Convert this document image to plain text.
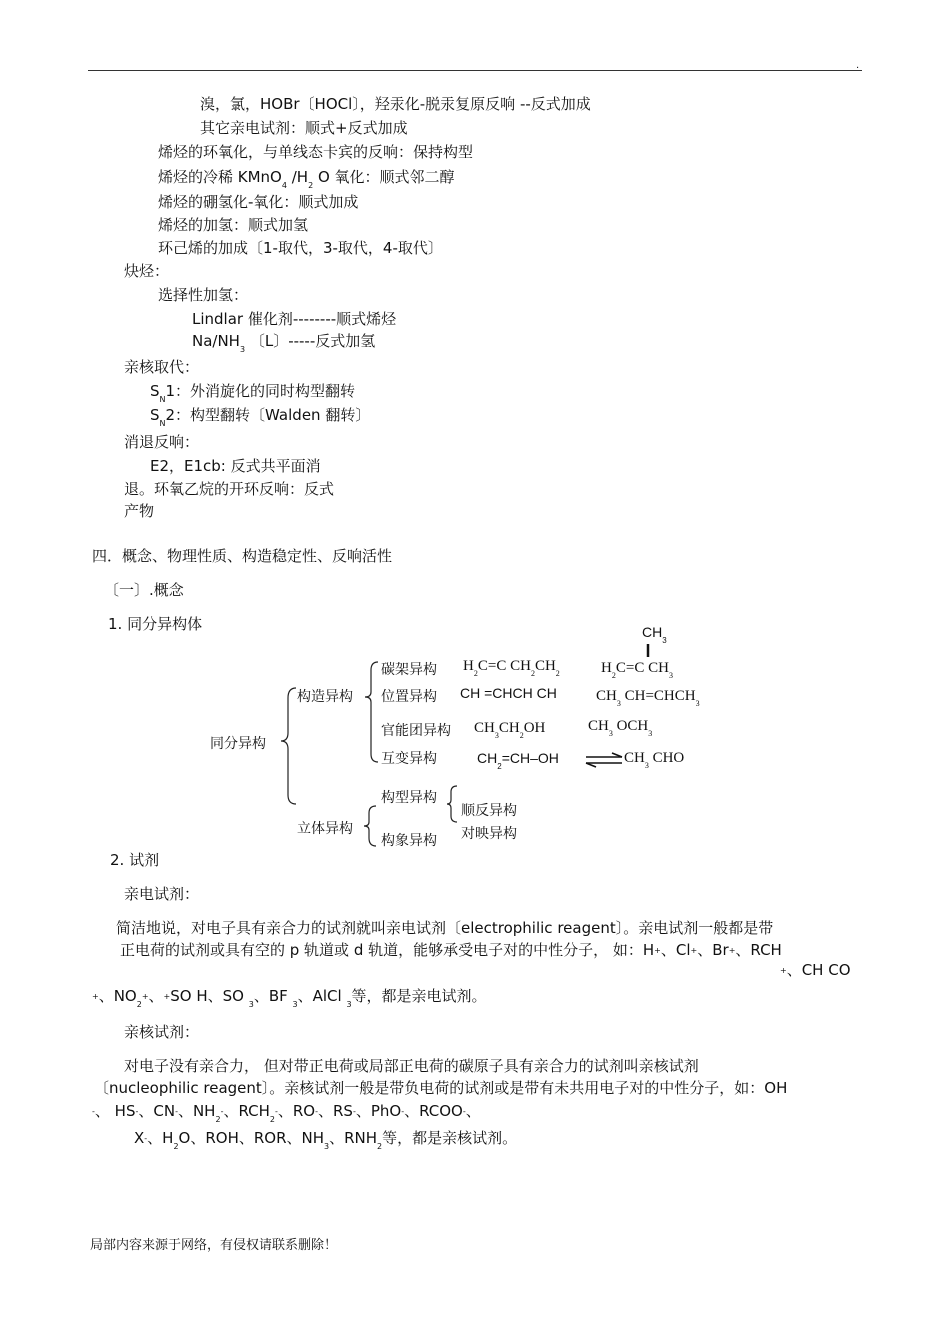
.
溴，氯，HOBr〔HOCl〕，羟汞化-脱汞复原反响 --反式加成
其它亲电试剂：顺式+反式加成
烯烃的环氧化，与单线态卡宾的反响：保持构型
烯烃的冷稀 KMnO$_4$ $/H_2$ O 氧化：顺式邻二醇
烯烃的硼氢化-氧化：顺式加成
烯烃的加氢：顺式加氢
环己烯的加成〔1-取代，3-取代，4-取代〕
炔烃：
选择性加氢：
Lindlar 催化剂--------顺式烯烃
$Na/NH_3$ 〔L〕-----反式加氢
亲核取代：
$S_N1$：外消旋化的同时构型翻转
$S_N2$：构型翻转〔Walden 翻转〕
消退反响：
E2，E1cb: 反式共平面消
退。环氧乙烷的开环反响：反式
产物
四．概念、物理性质、构造稳定性、反响活性
〔一〕.概念
1. 同分异构体
同分异构
构造异构
立体异构
碳架异构
位置异构
官能团异构
互变异构
构型异构
构象异构
顺反异构
对映异构
$CH_3$
$H_2C=C$ $CH_2CH_2$	$H_2C=C$ $CH_3$
CH =CHCH CH	$CH_3$ $CH=CHCH_3$
$CH_3CH_2OH$	$CH_3$ $OCH_3$
$CH_2=CH-OH$	$CH_3$ CHO
2. 试剂
亲电试剂：
简洁地说，对电子具有亲合力的试剂就叫亲电试剂〔electrophilic reagent〕。亲电试剂一般都是带
正电荷的试剂或具有空的 p 轨道或 d 轨道，能够承受电子对的中性分子， 如：H+、Cl+、Br+、RCH
+、CH CO
+、$NO_2^+$、+SO H、SO $_3$、BF $_3$、AlCl $_3$等，都是亲电试剂。
亲核试剂：
对电子没有亲合力， 但对带正电荷或局部正电荷的碳原子具有亲合力的试剂叫亲核试剂
〔nucleophilic reagent〕。亲核试剂一般是带负电荷的试剂或是带有未共用电子对的中性分子，如：OH
-、 HS-、CN-、$NH_2^-$、$RCH_2^-$、RO-、RS-、PhO-、RCOO-、
X-、$H_2O$、ROH、ROR、$NH_3$、$RNH_2$等，都是亲核试剂。
局部内容来源于网络，有侵权请联系删除！
